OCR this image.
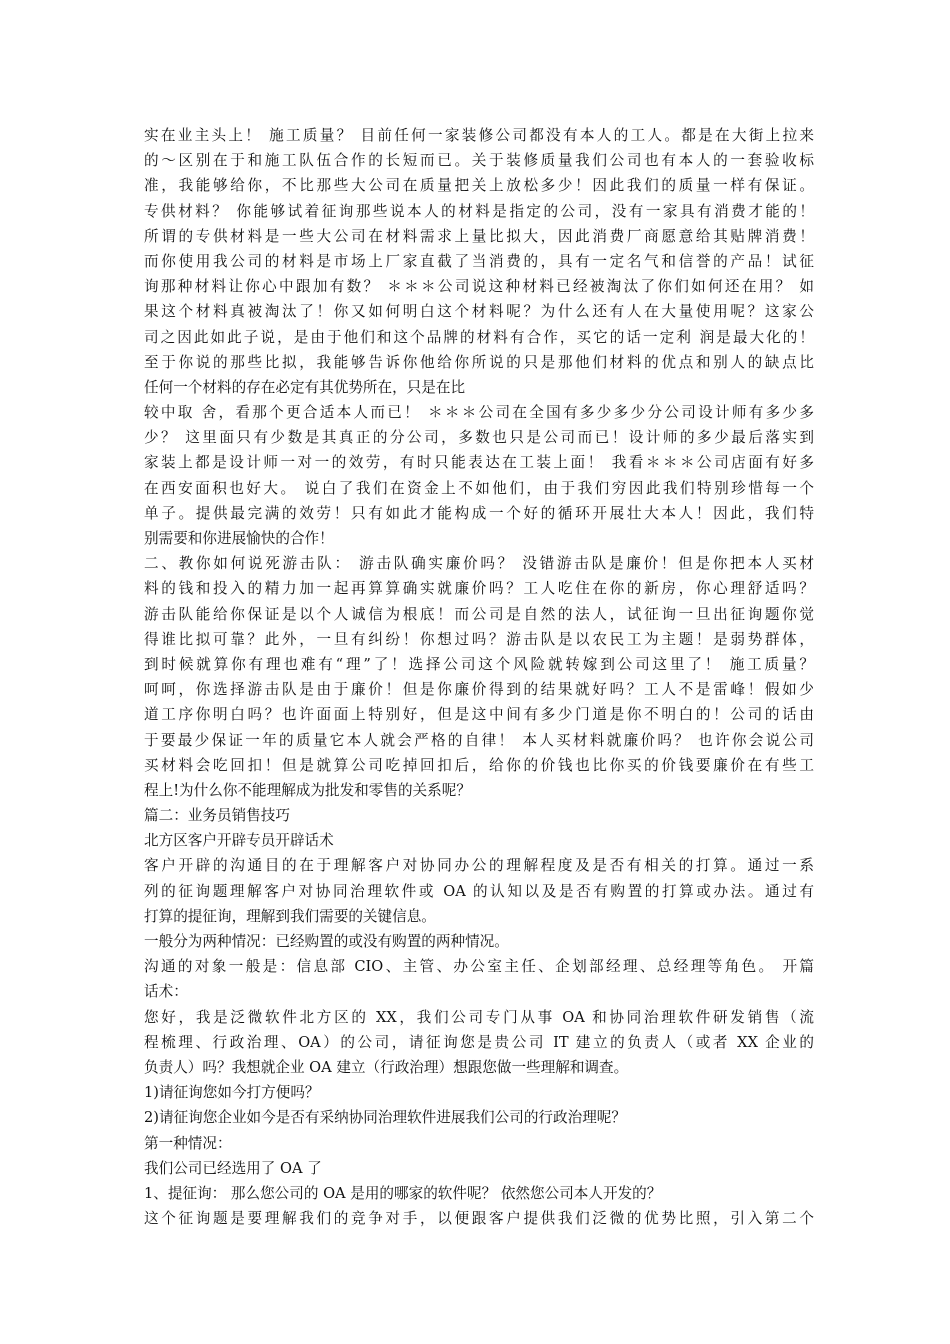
实在业主头上！ 施工质量？ 目前任何一家装修公司都没有本人的工人。都是在大街上拉来
的～区别在于和施工队伍合作的长短而已。关于装修质量我们公司也有本人的一套验收标
准，我能够给你，不比那些大公司在质量把关上放松多少！因此我们的质量一样有保证。
专供材料？ 你能够试着征询那些说本人的材料是指定的公司，没有一家具有消费才能的！
所谓的专供材料是一些大公司在材料需求上量比拟大，因此消费厂商愿意给其贴牌消费！
而你使用我公司的材料是市场上厂家直截了当消费的，具有一定名气和信誉的产品！试征
询那种材料让你心中跟加有数？ ＊＊＊公司说这种材料已经被淘汰了你们如何还在用？ 如
果这个材料真被淘汰了！你又如何明白这个材料呢？为什么还有人在大量使用呢？这家公
司之因此如此子说，是由于他们和这个品牌的材料有合作，买它的话一定利 润是最大化的！
至于你说的那些比拟，我能够告诉你他给你所说的只是那他们材料的优点和别人的缺点比
任何一个材料的存在必定有其优势所在，只是在比
较中取 舍，看那个更合适本人而已！ ＊＊＊公司在全国有多少多少分公司设计师有多少多
少？ 这里面只有少数是其真正的分公司，多数也只是公司而已！设计师的多少最后落实到
家装上都是设计师一对一的效劳，有时只能表达在工装上面！ 我看＊＊＊公司店面有好多
在西安面积也好大。 说白了我们在资金上不如他们，由于我们穷因此我们特别珍惜每一个
单子。提供最完满的效劳！只有如此才能构成一个好的循环开展壮大本人！因此，我们特
别需要和你进展愉快的合作！
二、教你如何说死游击队： 游击队确实廉价吗？ 没错游击队是廉价！但是你把本人买材
料的钱和投入的精力加一起再算算确实就廉价吗？工人吃住在你的新房，你心理舒适吗？
游击队能给你保证是以个人诚信为根底！而公司是自然的法人，试征询一旦出征询题你觉
得谁比拟可靠？此外，一旦有纠纷！你想过吗？游击队是以农民工为主题！是弱势群体，
到时候就算你有理也难有“理”了！选择公司这个风险就转嫁到公司这里了！ 施工质量？
呵呵，你选择游击队是由于廉价！但是你廉价得到的结果就好吗？工人不是雷峰！假如少
道工序你明白吗？也许面面上特别好，但是这中间有多少门道是你不明白的！公司的话由
于要最少保证一年的质量它本人就会严格的自律！ 本人买材料就廉价吗？ 也许你会说公司
买材料会吃回扣！但是就算公司吃掉回扣后，给你的价钱也比你买的价钱要廉价在有些工
程上!为什么你不能理解成为批发和零售的关系呢？
篇二：业务员销售技巧
北方区客户开辟专员开辟话术
客户开辟的沟通目的在于理解客户对协同办公的理解程度及是否有相关的打算。通过一系
列的征询题理解客户对协同治理软件或 OA 的认知以及是否有购置的打算或办法。通过有
打算的提征询，理解到我们需要的关键信息。
一般分为两种情况：已经购置的或没有购置的两种情况。
沟通的对象一般是：信息部 CIO、主管、办公室主任、企划部经理、总经理等角色。 开篇
话术：
您好，我是泛微软件北方区的 XX，我们公司专门从事 OA 和协同治理软件研发销售（流
程梳理、行政治理、OA）的公司，请征询您是贵公司 IT 建立的负责人（或者 XX 企业的
负责人）吗？我想就企业 OA 建立（行政治理）想跟您做一些理解和调查。
1)请征询您如今打方便吗？
2)请征询您企业如今是否有采纳协同治理软件进展我们公司的行政治理呢？
第一种情况：
我们公司已经选用了 OA 了
1、提征询： 那么您公司的 OA 是用的哪家的软件呢？ 依然您公司本人开发的？
这个征询题是要理解我们的竞争对手，以便跟客户提供我们泛微的优势比照，引入第二个
